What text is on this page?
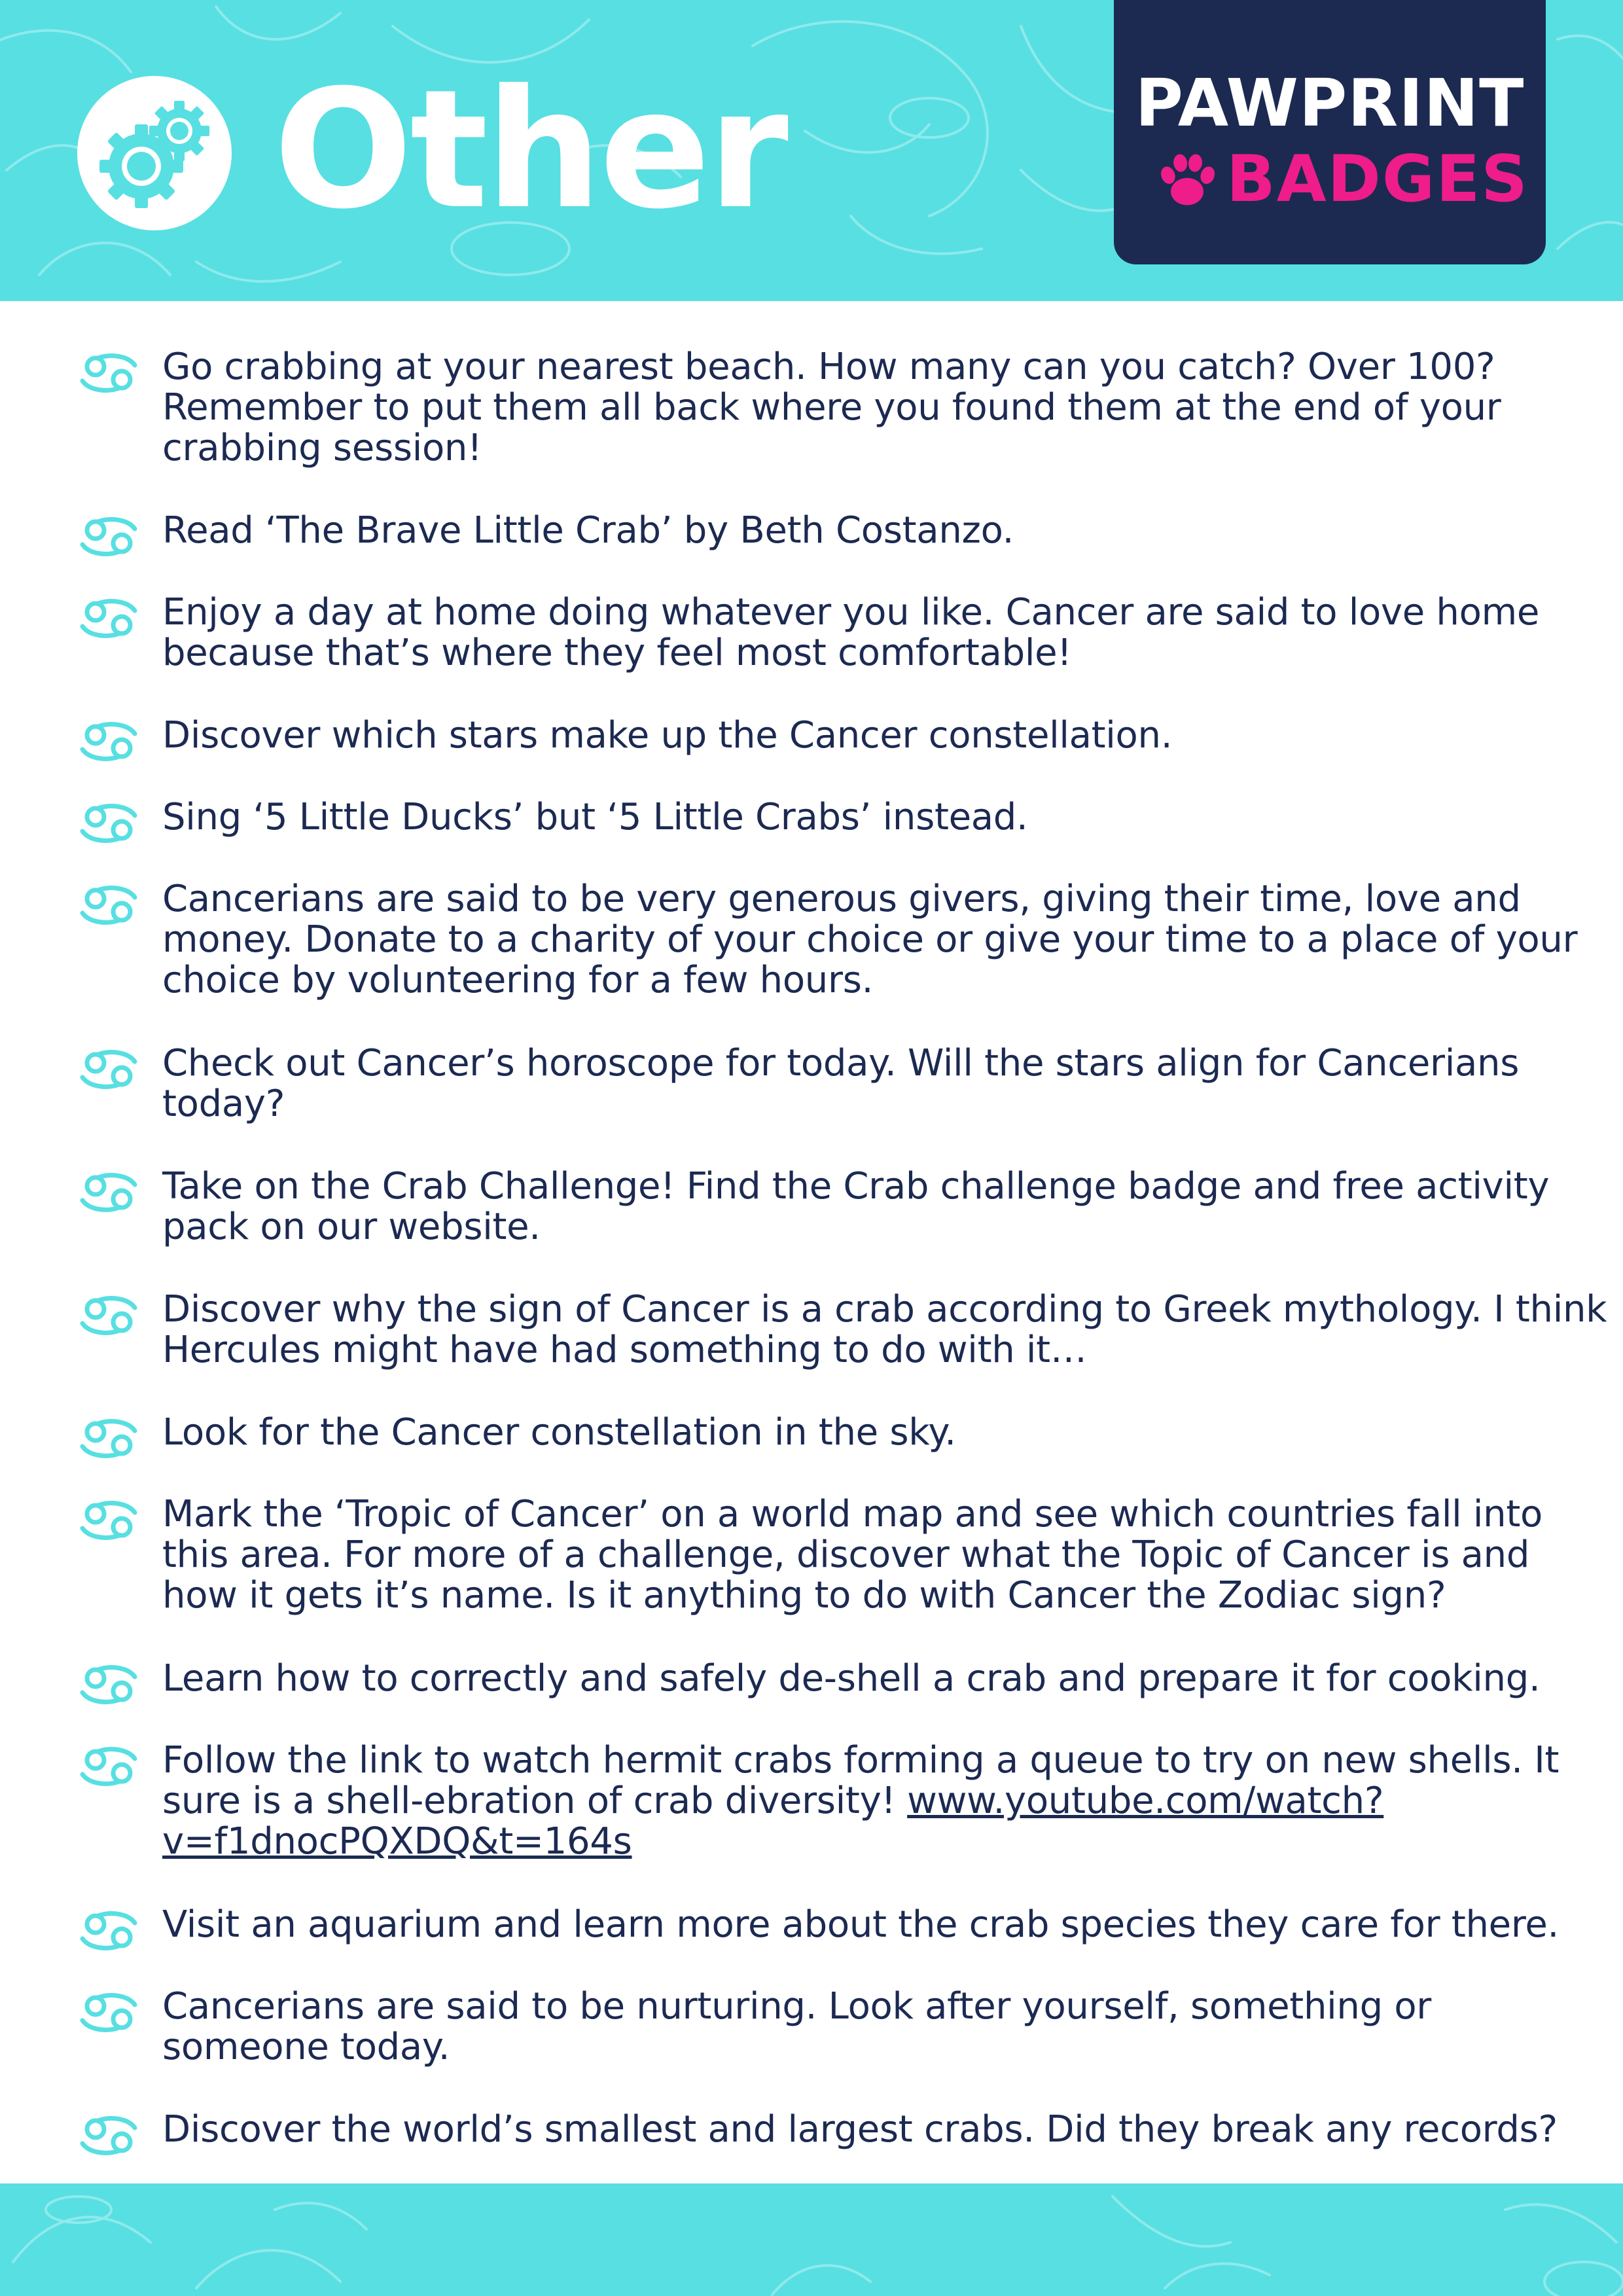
Other	PAWPRINT
BADGES
Go crabbing at your nearest beach. How many can you catch? Over 100? Remember to put them all back where you found them at the end of your crabbing session!
Read ‘The Brave Little Crab’ by Beth Costanzo.
Enjoy a day at home doing whatever you like. Cancer are said to love home because that’s where they feel most comfortable!
Discover which stars make up the Cancer constellation.
Sing ‘5 Little Ducks’ but ‘5 Little Crabs’ instead.
Cancerians are said to be very generous givers, giving their time, love and money. Donate to a charity of your choice or give your time to a place of your choice by volunteering for a few hours.
Check out Cancer’s horoscope for today. Will the stars align for Cancerians today?
Take on the Crab Challenge! Find the Crab challenge badge and free activity pack on our website.
Discover why the sign of Cancer is a crab according to Greek mythology. I think Hercules might have had something to do with it…
Look for the Cancer constellation in the sky.
Mark the ‘Tropic of Cancer’ on a world map and see which countries fall into this area. For more of a challenge, discover what the Topic of Cancer is and how it gets it’s name. Is it anything to do with Cancer the Zodiac sign?
Learn how to correctly and safely de-shell a crab and prepare it for cooking.
Follow the link to watch hermit crabs forming a queue to try on new shells. It sure is a shell-ebration of crab diversity! www.youtube.com/watch?v=f1dnocPQXDQ&t=164s
Visit an aquarium and learn more about the crab species they care for there.
Cancerians are said to be nurturing. Look after yourself, something or someone today.
Discover the world’s smallest and largest crabs. Did they break any records?
